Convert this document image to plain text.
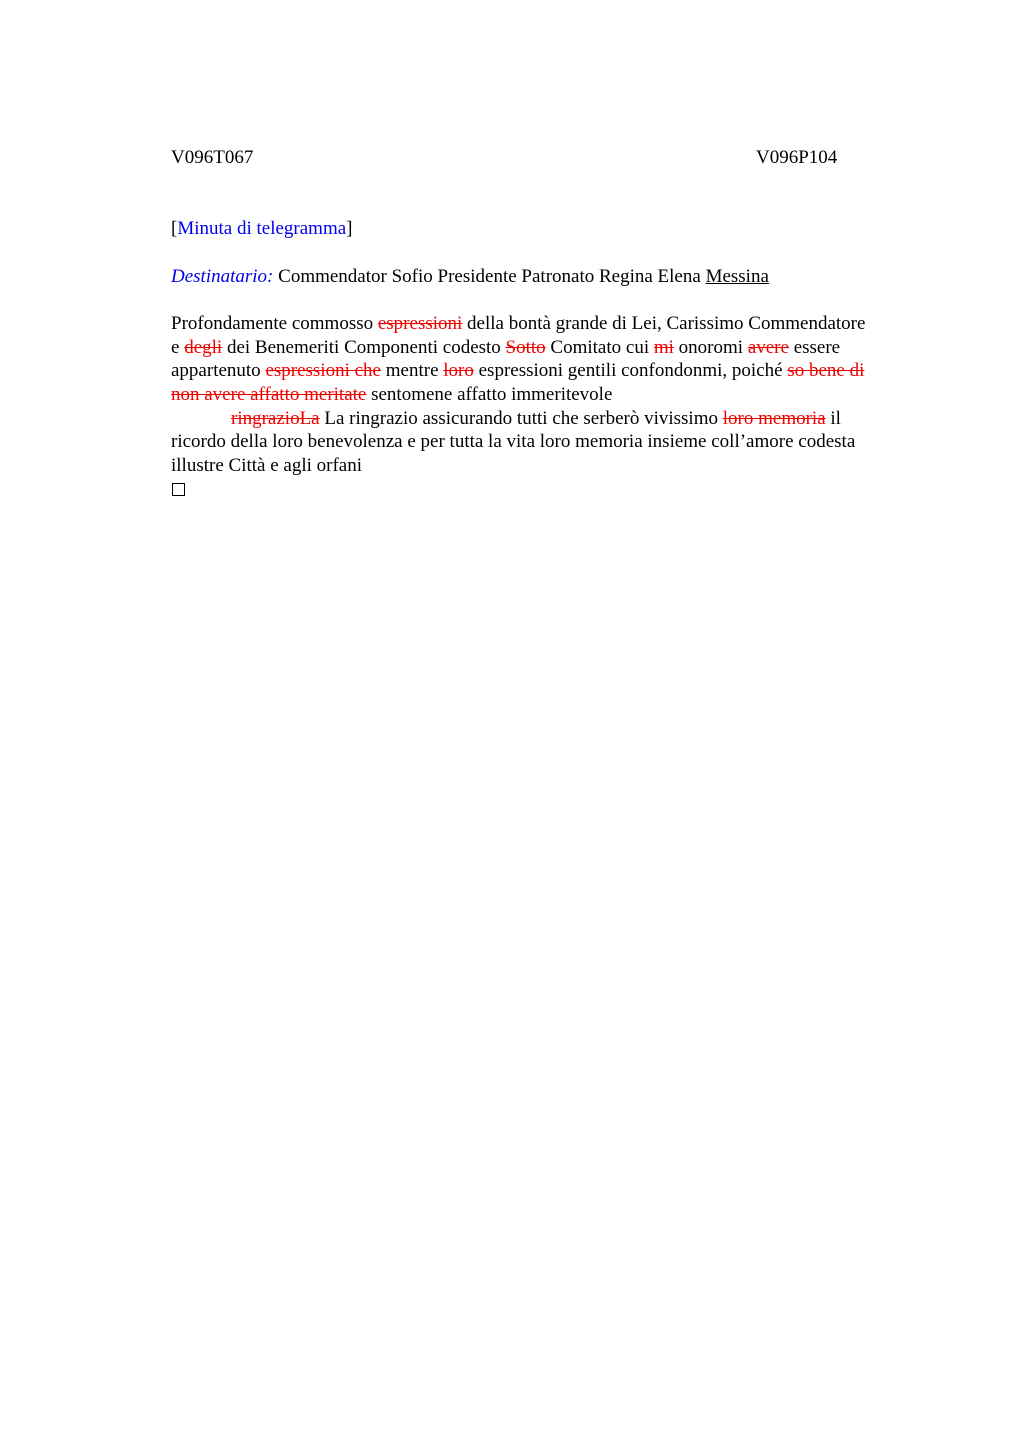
V096T067	V096P104
[Minuta di telegramma]
Destinatario: Commendator Sofio Presidente Patronato Regina Elena Messina
Profondamente commosso espressioni della bontà grande di Lei, Carissimo Commendatore
e degli dei Benemeriti Componenti codesto Sotto Comitato cui mi onoromi avere essere
appartenuto espressioni che mentre loro espressioni gentili confondonmi, poiché so bene di
non avere affatto meritate sentomene affatto immeritevole
ringrazioLa La ringrazio assicurando tutti che serberò vivissimo loro memoria il
ricordo della loro benevolenza e per tutta la vita loro memoria insieme coll’amore codesta
illustre Città e agli orfani
